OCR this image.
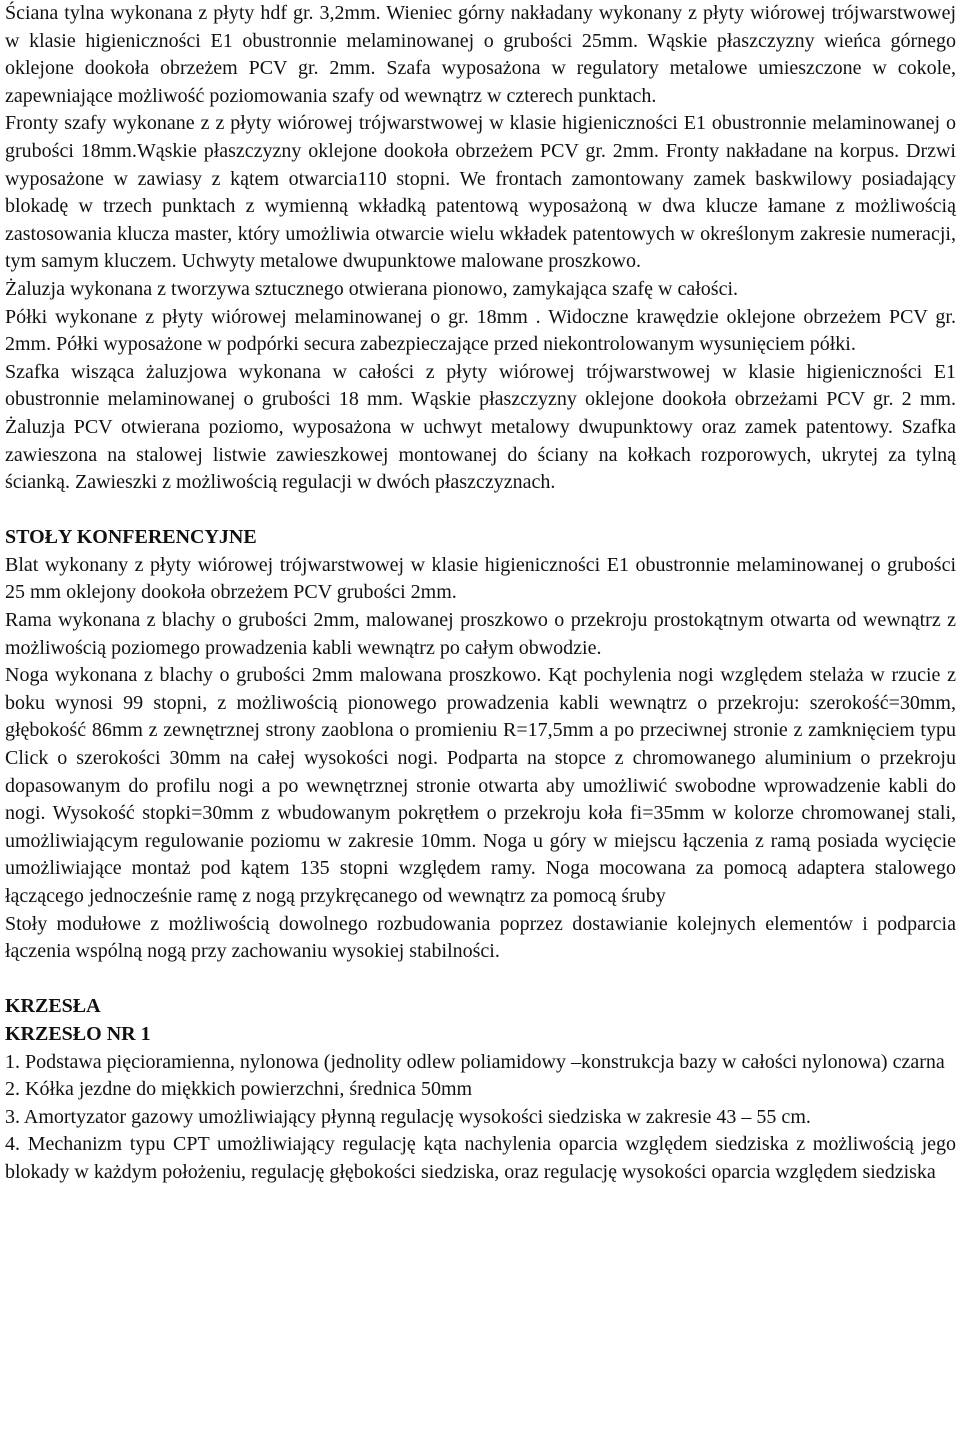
Ściana tylna wykonana z płyty hdf gr. 3,2mm. Wieniec górny nakładany wykonany z płyty wiórowej trójwarstwowej w klasie higieniczności E1 obustronnie melaminowanej o grubości 25mm. Wąskie płaszczyzny wieńca górnego oklejone dookoła obrzeżem PCV gr. 2mm. Szafa wyposażona w regulatory metalowe umieszczone w cokole, zapewniające możliwość poziomowania szafy od wewnątrz w czterech punktach.

Fronty szafy wykonane z z płyty wiórowej trójwarstwowej w klasie higieniczności E1 obustronnie melaminowanej o grubości 18mm.Wąskie płaszczyzny oklejone dookoła obrzeżem PCV gr. 2mm. Fronty nakładane na korpus. Drzwi wyposażone w zawiasy z kątem otwarcia110 stopni. We frontach zamontowany zamek baskwilowy posiadający blokadę w trzech punktach z wymienną wkładką patentową wyposażoną w dwa klucze łamane z możliwością zastosowania klucza master, który umożliwia otwarcie wielu wkładek patentowych w określonym zakresie numeracji, tym samym kluczem. Uchwyty metalowe dwupunktowe malowane proszkowo.

Żaluzja wykonana z tworzywa sztucznego otwierana pionowo, zamykająca szafę w całości.

Półki wykonane z płyty wiórowej melaminowanej o gr. 18mm . Widoczne krawędzie oklejone obrzeżem PCV gr. 2mm. Półki wyposażone w podpórki secura zabezpieczające przed niekontrolowanym wysunięciem półki.

Szafka wisząca żaluzjowa wykonana w całości z płyty wiórowej trójwarstwowej w klasie higieniczności E1 obustronnie melaminowanej o grubości 18 mm. Wąskie płaszczyzny oklejone dookoła obrzeżami PCV gr. 2 mm. Żaluzja PCV otwierana poziomo, wyposażona w uchwyt metalowy dwupunktowy oraz zamek patentowy. Szafka zawieszona na stalowej listwie zawieszkowej montowanej do ściany na kołkach rozporowych, ukrytej za tylną ścianką. Zawieszki z możliwością regulacji w dwóch płaszczyznach.

STOŁY KONFERENCYJNE

Blat wykonany z płyty wiórowej trójwarstwowej w klasie higieniczności E1 obustronnie melaminowanej o grubości 25 mm oklejony dookoła obrzeżem PCV grubości 2mm.

Rama wykonana z blachy o grubości 2mm, malowanej proszkowo o przekroju prostokątnym otwarta od wewnątrz z możliwością poziomego prowadzenia kabli wewnątrz po całym obwodzie.

Noga wykonana z blachy o grubości 2mm malowana proszkowo. Kąt pochylenia nogi względem stelaża w rzucie z boku wynosi 99 stopni, z możliwością pionowego prowadzenia kabli wewnątrz o przekroju: szerokość=30mm, głębokość 86mm z zewnętrznej strony zaoblona o promieniu R=17,5mm a po przeciwnej stronie z zamknięciem typu Click o szerokości 30mm na całej wysokości nogi. Podparta na stopce z chromowanego aluminium o przekroju dopasowanym do profilu nogi a po wewnętrznej stronie otwarta aby umożliwić swobodne wprowadzenie kabli do nogi. Wysokość stopki=30mm z wbudowanym pokrętłem o przekroju koła fi=35mm w kolorze chromowanej stali, umożliwiającym regulowanie poziomu w zakresie 10mm. Noga u góry w miejscu łączenia z ramą posiada wycięcie umożliwiające montaż pod kątem 135 stopni względem ramy. Noga mocowana za pomocą adaptera stalowego łączącego jednocześnie ramę z nogą przykręcanego od wewnątrz za pomocą śruby

Stoły modułowe z możliwością dowolnego rozbudowania poprzez dostawianie kolejnych elementów i podparcia łączenia wspólną nogą przy zachowaniu wysokiej stabilności.

KRZESŁA

KRZESŁO NR 1

1. Podstawa pięcioramienna, nylonowa (jednolity odlew poliamidowy –konstrukcja bazy w całości nylonowa) czarna

2. Kółka jezdne do miękkich powierzchni, średnica 50mm

3. Amortyzator gazowy umożliwiający płynną regulację wysokości siedziska w zakresie 43 – 55 cm.

4. Mechanizm typu CPT umożliwiający regulację kąta nachylenia oparcia względem siedziska z możliwością jego blokady w każdym położeniu, regulację głębokości siedziska, oraz regulację wysokości oparcia względem siedziska
